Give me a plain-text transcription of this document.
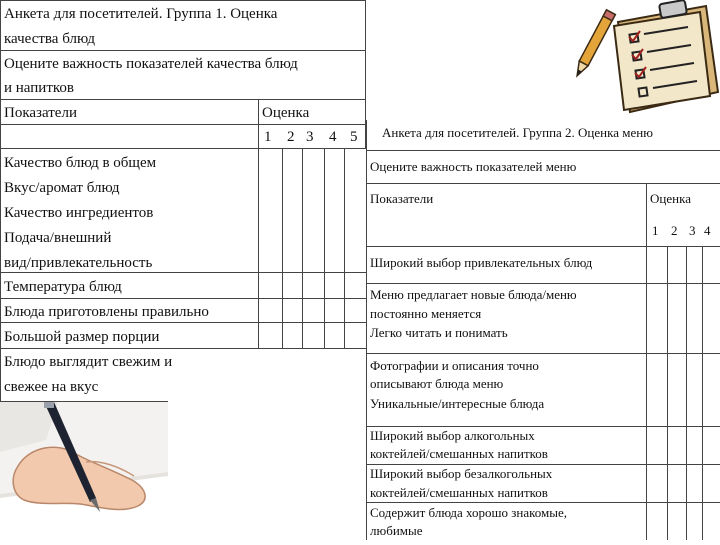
Анкета для посетителей. Группа 1. Оценка
качества блюд
Оцените важность показателей качества блюд
и напитков
Показатели	Оценка
1 2 3 4 5
Качество блюд в общем
Вкус/аромат блюд
Качество ингредиентов
Подача/внешний
вид/привлекательность
Температура блюд
Блюда приготовлены правильно
Большой размер порции
Блюдо выглядит свежим и
свежее на вкус
Анкета для посетителей. Группа 2. Оценка меню
Оцените важность показателей меню
Показатели	Оценка
1 2 3 4
Широкий выбор привлекательных блюд
Меню предлагает новые блюда/меню
постоянно меняется
Легко читать и понимать
Фотографии и описания точно
описывают блюда меню
Уникальные/интересные блюда
Широкий выбор алкогольных
коктейлей/смешанных напитков
Широкий выбор безалкогольных
коктейлей/смешанных напитков
Содержит блюда хорошо знакомые,
любимые
